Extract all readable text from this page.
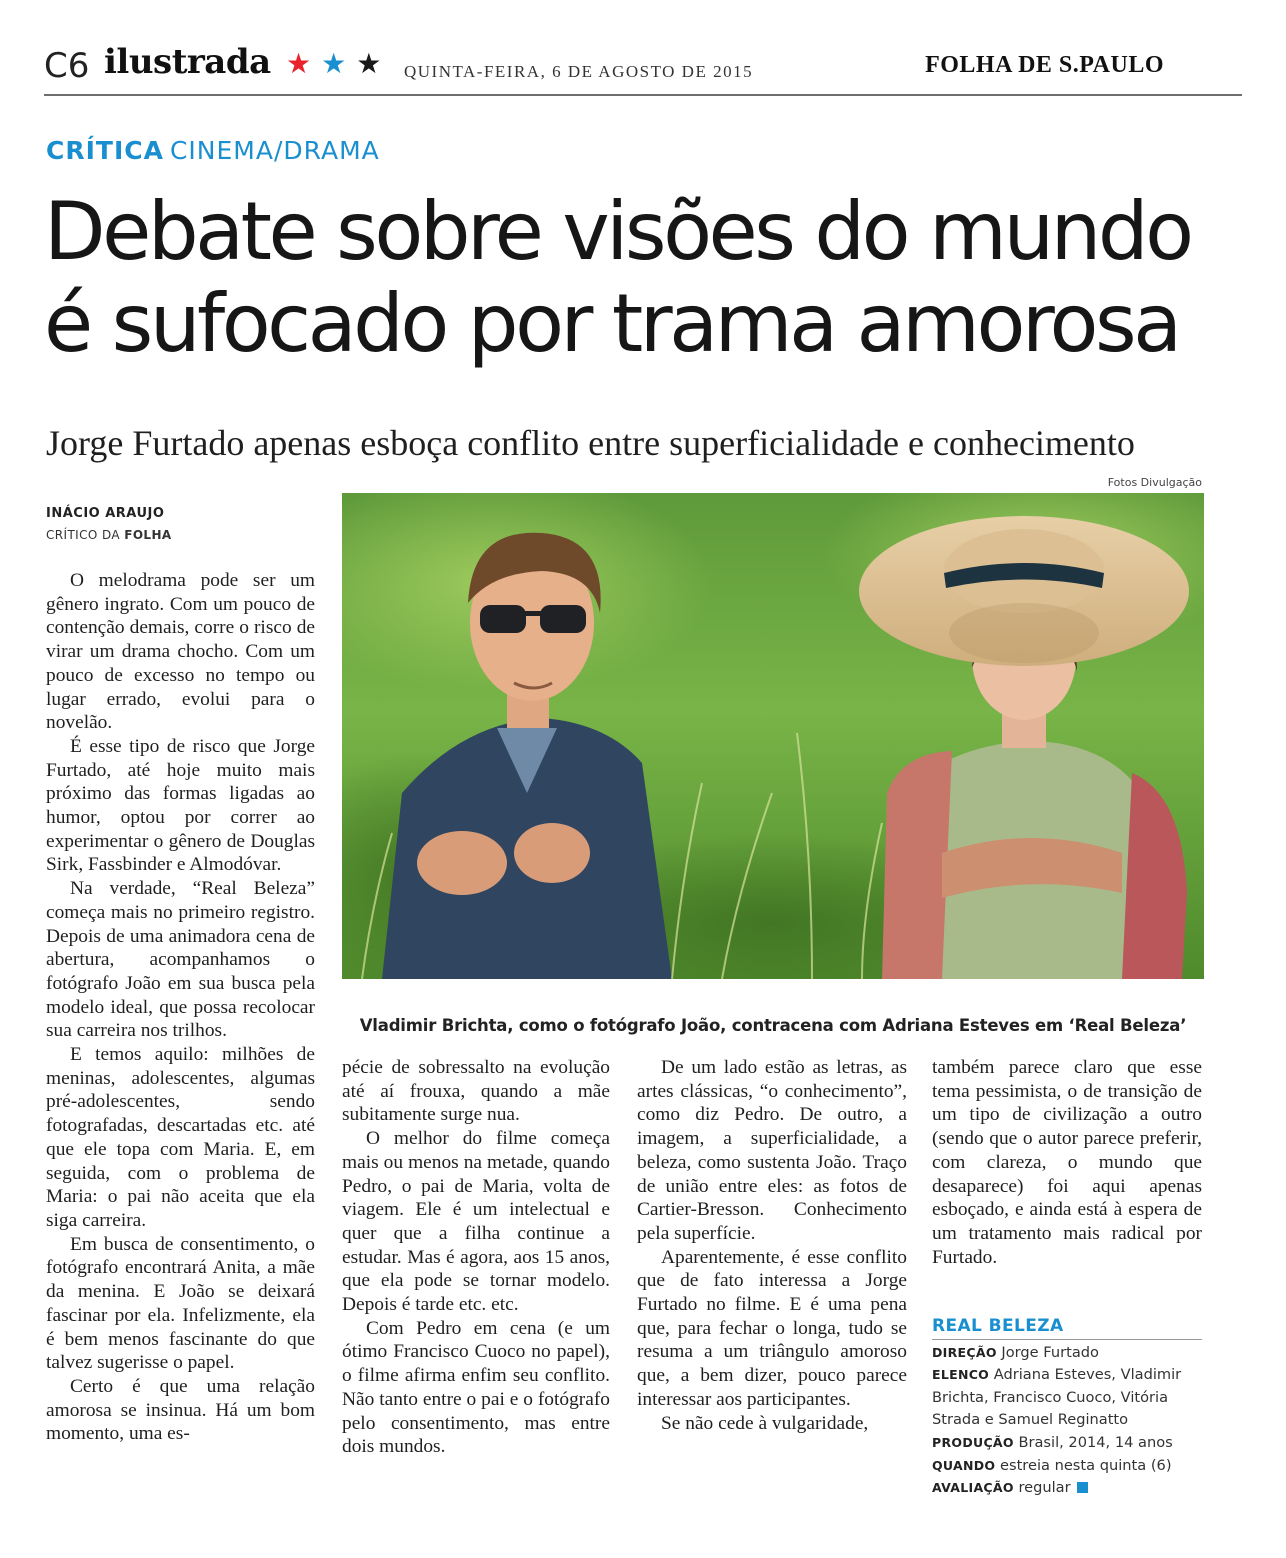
C6 ilustrada ★ ★ ★	QUINTA-FEIRA, 6 DE AGOSTO DE 2015	FOLHA DE S.PAULO
CRÍTICA CINEMA/DRAMA
Debate sobre visões do mundo
é sufocado por trama amorosa
Jorge Furtado apenas esboça conflito entre superficialidade e conhecimento
INÁCIO ARAUJO
CRÍTICO DA FOLHA
Fotos Divulgação
Vladimir Brichta, como o fotógrafo João, contracena com Adriana Esteves em ‘Real Beleza’

O melodrama pode ser um gênero ingrato. Com um pouco de contenção demais, corre o risco de virar um drama chocho. Com um pouco de excesso no tempo ou lugar errado, evolui para o novelão.

É esse tipo de risco que Jorge Furtado, até hoje muito mais próximo das formas ligadas ao humor, optou por correr ao experimentar o gênero de Douglas Sirk, Fassbinder e Almodóvar.

Na verdade, “Real Beleza” começa mais no primeiro registro. Depois de uma animadora cena de abertura, acompanhamos o fotógrafo João em sua busca pela modelo ideal, que possa recolocar sua carreira nos trilhos.

E temos aquilo: milhões de meninas, adolescentes, algumas pré-adolescentes, sendo fotografadas, descartadas etc. até que ele topa com Maria. E, em seguida, com o problema de Maria: o pai não aceita que ela siga carreira.

Em busca de consentimento, o fotógrafo encontrará Anita, a mãe da menina. E João se deixará fascinar por ela. Infelizmente, ela é bem menos fascinante do que talvez sugerisse o papel.

Certo é que uma relação amorosa se insinua. Há um bom momento, uma es-

pécie de sobressalto na evolução até aí frouxa, quando a mãe subitamente surge nua.

O melhor do filme começa mais ou menos na metade, quando Pedro, o pai de Maria, volta de viagem. Ele é um intelectual e quer que a filha continue a estudar. Mas é agora, aos 15 anos, que ela pode se tornar modelo. Depois é tarde etc. etc.

Com Pedro em cena (e um ótimo Francisco Cuoco no papel), o filme afirma enfim seu conflito. Não tanto entre o pai e o fotógrafo pelo consentimento, mas entre dois mundos.

De um lado estão as letras, as artes clássicas, “o conhecimento”, como diz Pedro. De outro, a imagem, a superficialidade, a beleza, como sustenta João. Traço de união entre eles: as fotos de Cartier-Bresson. Conhecimento pela superfície.

Aparentemente, é esse conflito que de fato interessa a Jorge Furtado no filme. E é uma pena que, para fechar o longa, tudo se resuma a um triângulo amoroso que, a bem dizer, pouco parece interessar aos participantes.

Se não cede à vulgaridade,

também parece claro que esse tema pessimista, o de transição de um tipo de civilização a outro (sendo que o autor parece preferir, com clareza, o mundo que desaparece) foi aqui apenas esboçado, e ainda está à espera de um tratamento mais radical por Furtado.

REAL BELEZA
DIREÇÃO Jorge Furtado
ELENCO Adriana Esteves, Vladimir Brichta, Francisco Cuoco, Vitória Strada e Samuel Reginatto
PRODUÇÃO Brasil, 2014, 14 anos
QUANDO estreia nesta quinta (6)
AVALIAÇÃO regular
